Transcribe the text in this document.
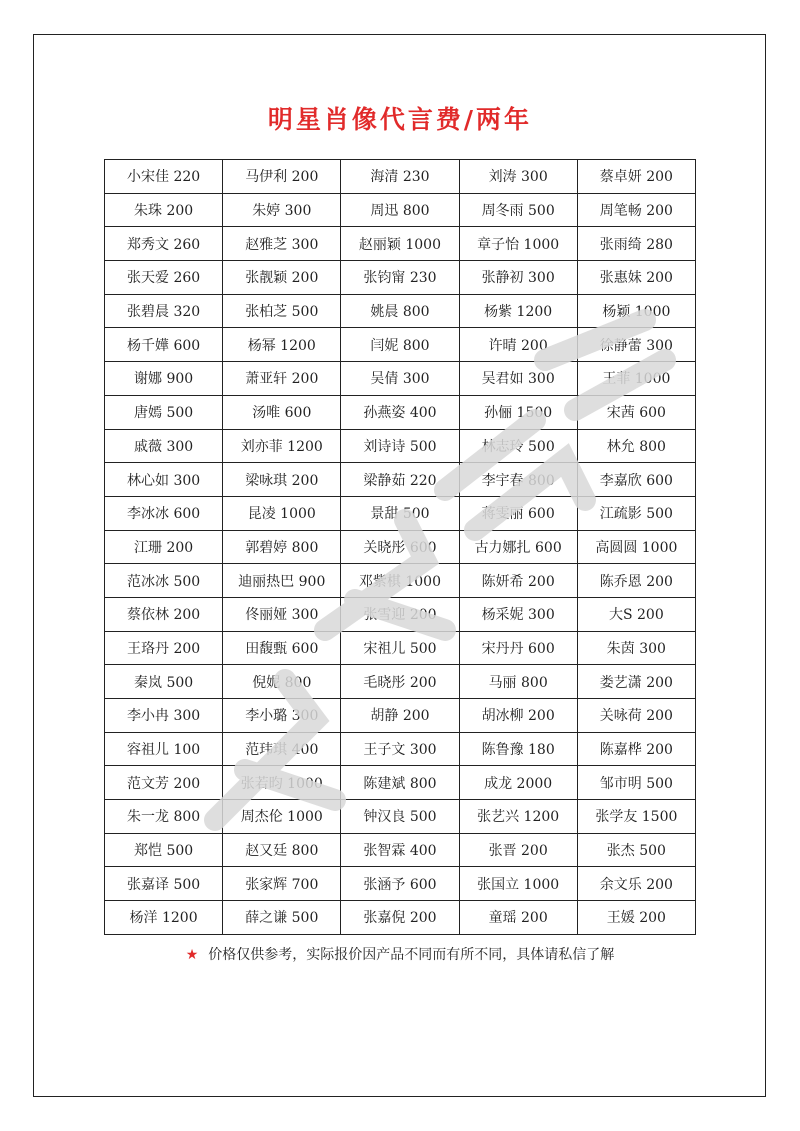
明星肖像代言费/两年
小宋佳 220	马伊利 200	海清 230	刘涛 300	蔡卓妍 200
朱珠 200	朱婷 300	周迅 800	周冬雨 500	周笔畅 200
郑秀文 260	赵雅芝 300	赵丽颖 1000	章子怡 1000	张雨绮 280
张天爱 260	张靓颖 200	张钧甯 230	张静初 300	张惠妹 200
张碧晨 320	张柏芝 500	姚晨 800	杨紫 1200	杨颖 1000
杨千嬅 600	杨幂 1200	闫妮 800	许晴 200	徐静蕾 300
谢娜 900	萧亚轩 200	吴倩 300	吴君如 300	王菲 1000
唐嫣 500	汤唯 600	孙燕姿 400	孙俪 1500	宋茜 600
戚薇 300	刘亦菲 1200	刘诗诗 500	林志玲 500	林允 800
林心如 300	梁咏琪 200	梁静茹 220	李宇春 800	李嘉欣 600
李冰冰 600	昆凌 1000	景甜 500	蒋雯丽 600	江疏影 500
江珊 200	郭碧婷 800	关晓彤 600	古力娜扎 600	高圆圆 1000
范冰冰 500	迪丽热巴 900	邓紫棋 1000	陈妍希 200	陈乔恩 200
蔡依林 200	佟丽娅 300	张雪迎 200	杨采妮 300	大S 200
王珞丹 200	田馥甄 600	宋祖儿 500	宋丹丹 600	朱茵 300
秦岚 500	倪妮 800	毛晓彤 200	马丽 800	娄艺潇 200
李小冉 300	李小璐 300	胡静 200	胡冰柳 200	关咏荷 200
容祖儿 100	范玮琪 400	王子文 300	陈鲁豫 180	陈嘉桦 200
范文芳 200	张若昀 1000	陈建斌 800	成龙 2000	邹市明 500
朱一龙 800	周杰伦 1000	钟汉良 500	张艺兴 1200	张学友 1500
郑恺 500	赵又廷 800	张智霖 400	张晋 200	张杰 500
张嘉译 500	张家辉 700	张涵予 600	张国立 1000	余文乐 200
杨洋 1200	薛之谦 500	张嘉倪 200	童瑶 200	王媛 200
★ 价格仅供参考，实际报价因产品不同而有所不同，具体请私信了解
